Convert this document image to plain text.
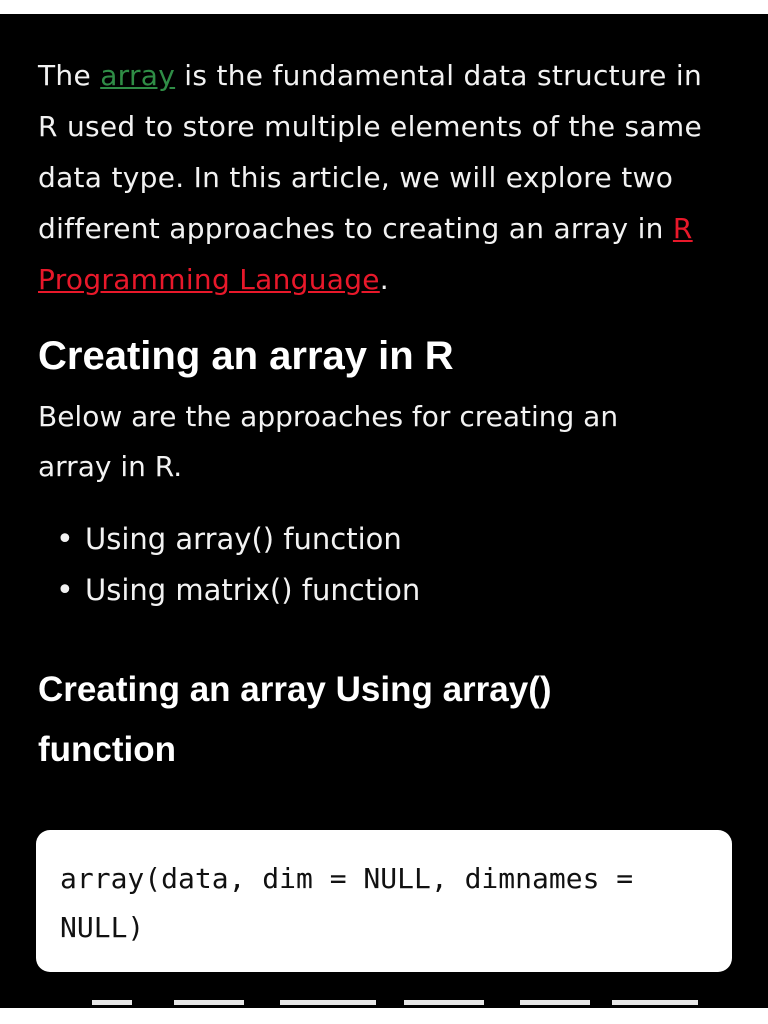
The array is the fundamental data structure in R used to store multiple elements of the same data type. In this article, we will explore two different approaches to creating an array in R Programming Language.

Creating an array in R

Below are the approaches for creating an array in R.

• Using array() function
• Using matrix() function
Creating an array Using array() function
array(data, dim = NULL, dimnames = NULL)
